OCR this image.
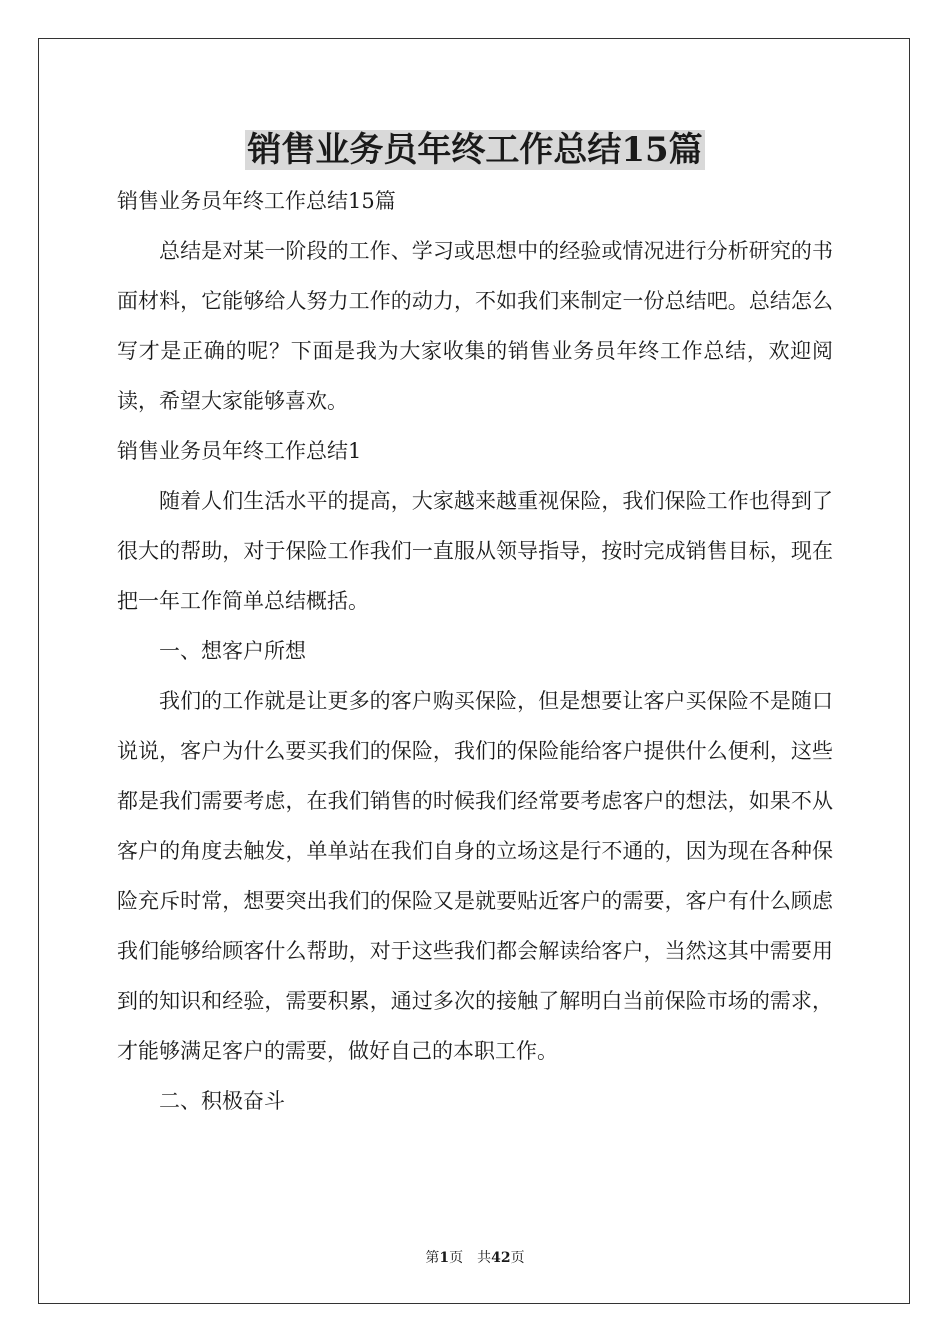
销售业务员年终工作总结15篇

销售业务员年终工作总结15篇

总结是对某一阶段的工作、学习或思想中的经验或情况进行分析研究的书面材料，它能够给人努力工作的动力，不如我们来制定一份总结吧。总结怎么写才是正确的呢？下面是我为大家收集的销售业务员年终工作总结，欢迎阅读，希望大家能够喜欢。

销售业务员年终工作总结1

随着人们生活水平的提高，大家越来越重视保险，我们保险工作也得到了很大的帮助，对于保险工作我们一直服从领导指导，按时完成销售目标，现在把一年工作简单总结概括。

一、想客户所想

我们的工作就是让更多的客户购买保险，但是想要让客户买保险不是随口说说，客户为什么要买我们的保险，我们的保险能给客户提供什么便利，这些都是我们需要考虑，在我们销售的时候我们经常要考虑客户的想法，如果不从客户的角度去触发，单单站在我们自身的立场这是行不通的，因为现在各种保险充斥时常，想要突出我们的保险又是就要贴近客户的需要，客户有什么顾虑我们能够给顾客什么帮助，对于这些我们都会解读给客户，当然这其中需要用到的知识和经验，需要积累，通过多次的接触了解明白当前保险市场的需求，才能够满足客户的需要，做好自己的本职工作。

二、积极奋斗

第1页　共42页
